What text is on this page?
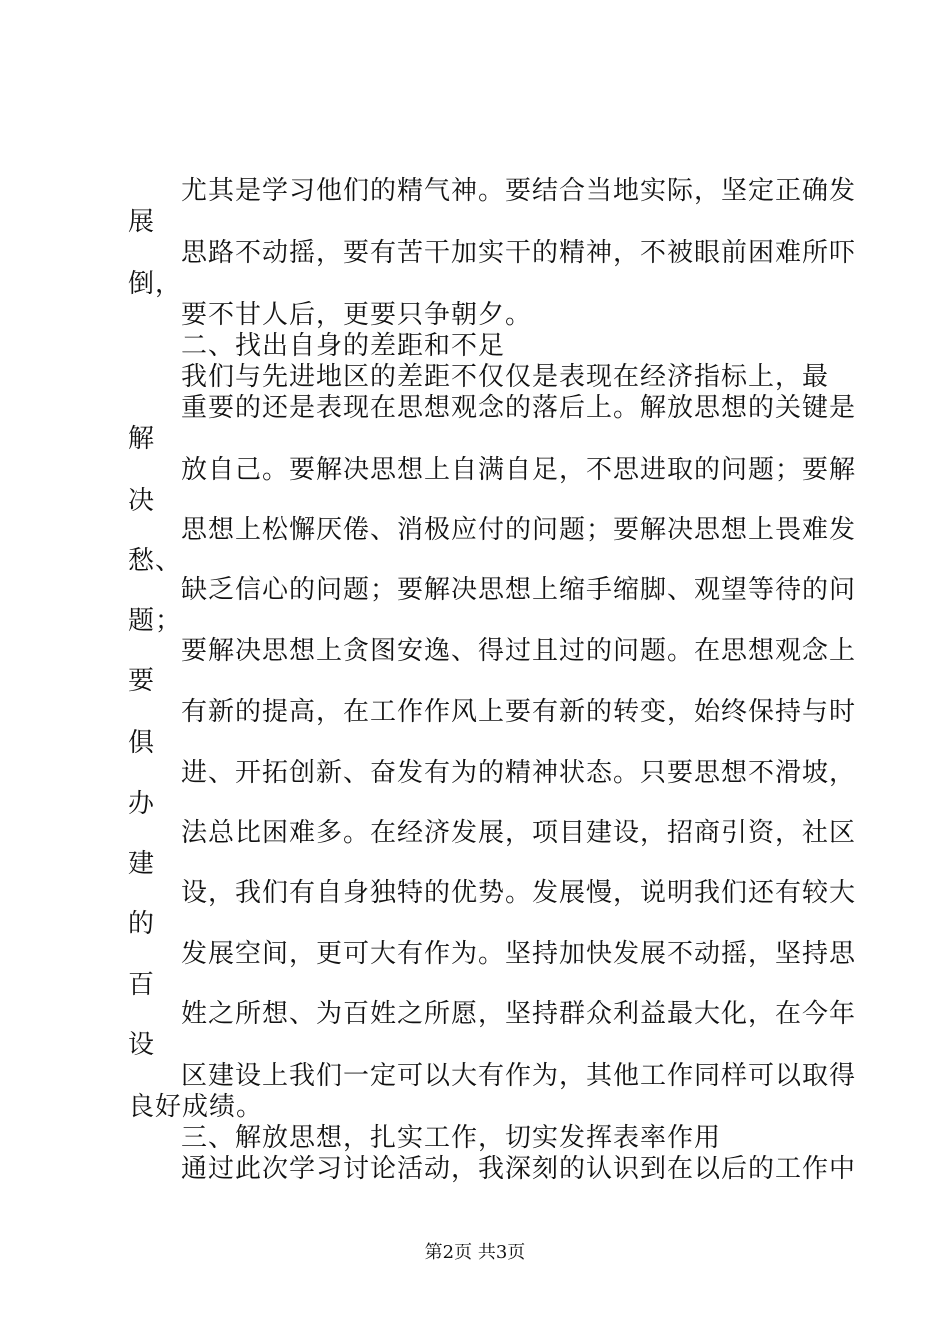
尤其是学习他们的精气神。要结合当地实际，坚定正确发
展
思路不动摇，要有苦干加实干的精神，不被眼前困难所吓
倒，
要不甘人后，更要只争朝夕。
二、找出自身的差距和不足
我们与先进地区的差距不仅仅是表现在经济指标上，最
重要的还是表现在思想观念的落后上。解放思想的关键是
解
放自己。要解决思想上自满自足，不思进取的问题；要解
决
思想上松懈厌倦、消极应付的问题；要解决思想上畏难发
愁、
缺乏信心的问题；要解决思想上缩手缩脚、观望等待的问
题；
要解决思想上贪图安逸、得过且过的问题。在思想观念上
要
有新的提高，在工作作风上要有新的转变，始终保持与时
俱
进、开拓创新、奋发有为的精神状态。只要思想不滑坡，
办
法总比困难多。在经济发展，项目建设，招商引资，社区
建
设，我们有自身独特的优势。发展慢，说明我们还有较大
的
发展空间，更可大有作为。坚持加快发展不动摇，坚持思
百
姓之所想、为百姓之所愿，坚持群众利益最大化，在今年
设
区建设上我们一定可以大有作为，其他工作同样可以取得
良好成绩。
三、解放思想，扎实工作，切实发挥表率作用
通过此次学习讨论活动，我深刻的认识到在以后的工作中
第2页 共3页
